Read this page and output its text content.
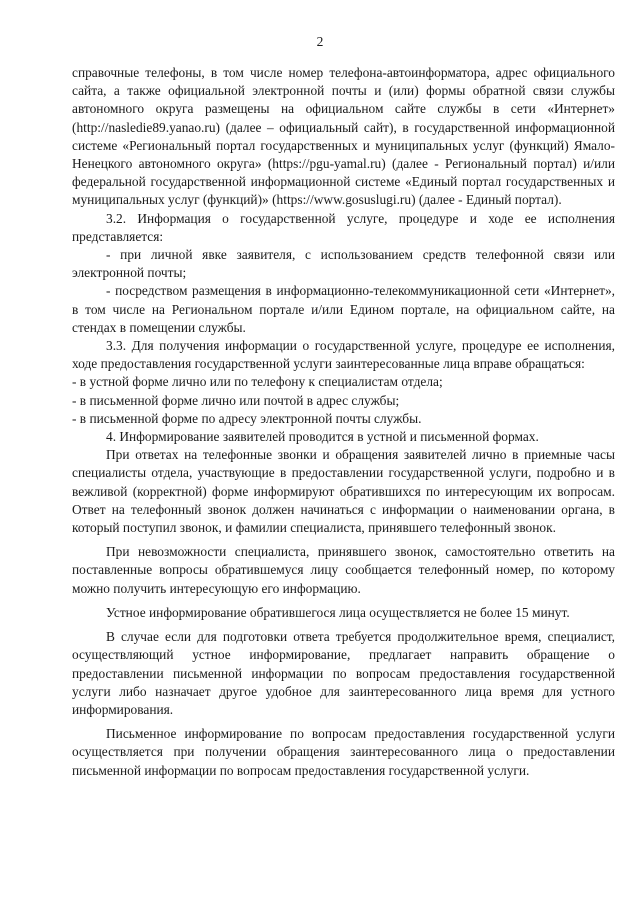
2

справочные телефоны, в том числе номер телефона-автоинформатора, адрес официального сайта, а также официальной электронной почты и (или) формы обратной связи службы автономного округа размещены на официальном сайте службы в сети «Интернет» (http://nasledie89.yanao.ru) (далее – официальный сайт), в государственной информационной системе «Региональный портал государственных и муниципальных услуг (функций) Ямало-Ненецкого автономного округа» (https://pgu-yamal.ru) (далее - Региональный портал) и/или федеральной государственной информационной системе «Единый портал государственных и муниципальных услуг (функций)» (https://www.gosuslugi.ru) (далее - Единый портал).

3.2. Информация о государственной услуге, процедуре и ходе ее исполнения представляется:

- при личной явке заявителя, с использованием средств телефонной связи или электронной почты;

- посредством размещения в информационно-телекоммуникационной сети «Интернет», в том числе на Региональном портале и/или Едином портале, на официальном сайте, на стендах в помещении службы.

3.3. Для получения информации о государственной услуге, процедуре ее исполнения, ходе предоставления государственной услуги заинтересованные лица вправе обращаться:

- в устной форме лично или по телефону к специалистам отдела;

- в письменной форме лично или почтой в адрес службы;

- в письменной форме по адресу электронной почты службы.

4. Информирование заявителей проводится в устной и письменной формах.

При ответах на телефонные звонки и обращения заявителей лично в приемные часы специалисты отдела, участвующие в предоставлении государственной услуги, подробно и в вежливой (корректной) форме информируют обратившихся по интересующим их вопросам. Ответ на телефонный звонок должен начинаться с информации о наименовании органа, в который поступил звонок, и фамилии специалиста, принявшего телефонный звонок.

При невозможности специалиста, принявшего звонок, самостоятельно ответить на поставленные вопросы обратившемуся лицу сообщается телефонный номер, по которому можно получить интересующую его информацию.

Устное информирование обратившегося лица осуществляется не более 15 минут.

В случае если для подготовки ответа требуется продолжительное время, специалист, осуществляющий устное информирование, предлагает направить обращение о предоставлении письменной информации по вопросам предоставления государственной услуги либо назначает другое удобное для заинтересованного лица время для устного информирования.

Письменное информирование по вопросам предоставления государственной услуги осуществляется при получении обращения заинтересованного лица о предоставлении письменной информации по вопросам предоставления государственной услуги.
